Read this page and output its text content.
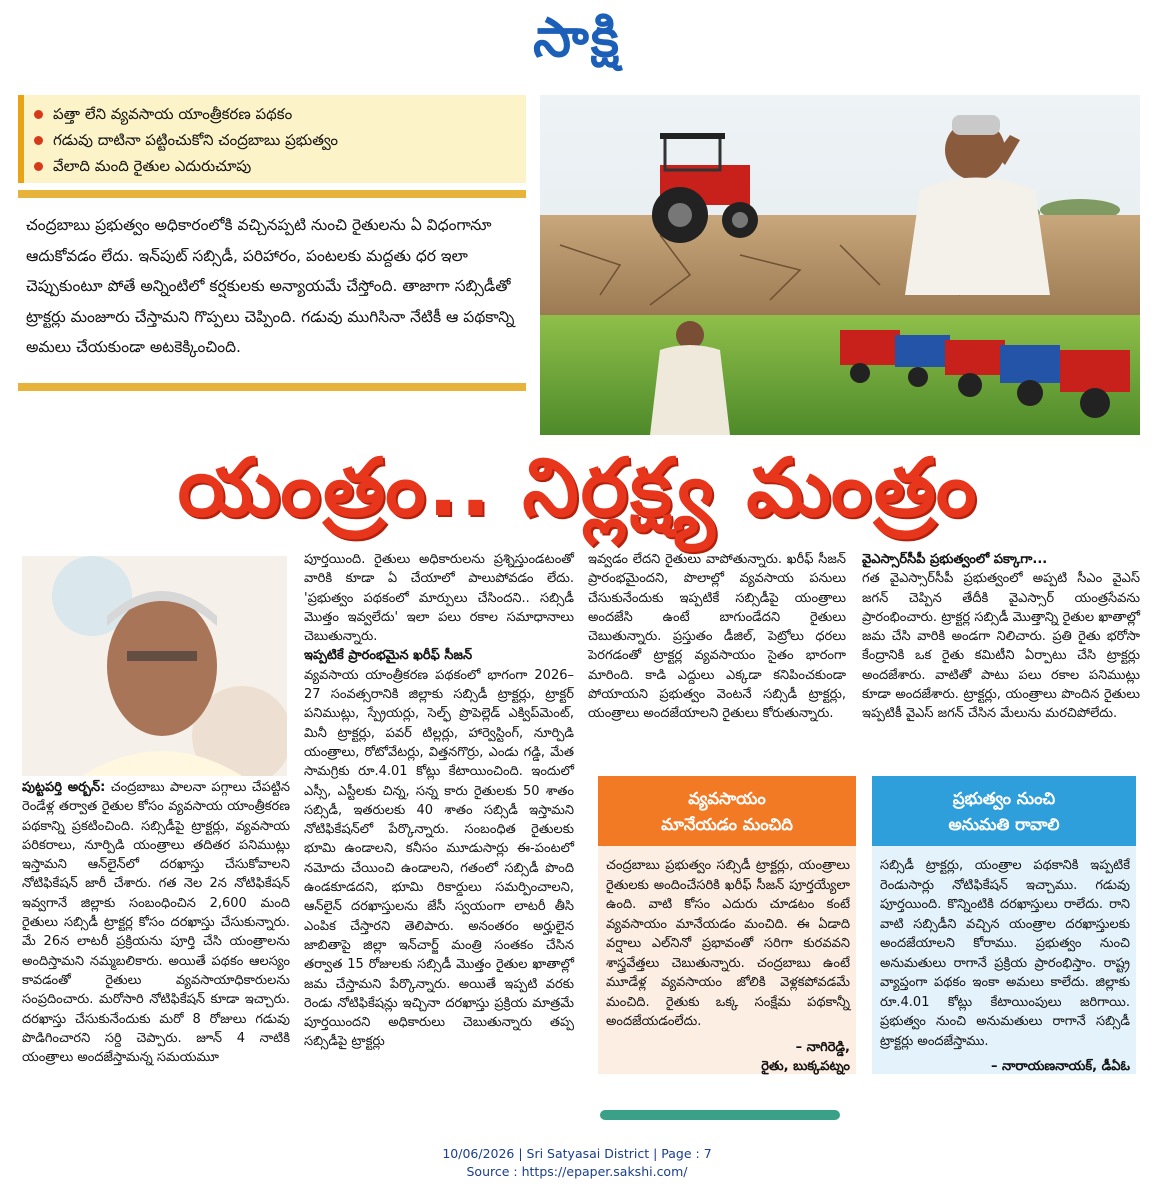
సాక్షి
పత్తా లేని వ్యవసాయ యాంత్రీకరణ పథకం
గడువు దాటినా పట్టించుకోని చంద్రబాబు ప్రభుత్వం
వేలాది మంది రైతుల ఎదురుచూపు
చంద్రబాబు ప్రభుత్వం అధికారంలోకి వచ్చినప్పటి నుంచి రైతులను ఏ విధంగానూ ఆదుకోవడం లేదు. ఇన్‌పుట్ సబ్సిడీ, పరిహారం, పంటలకు మద్దతు ధర ఇలా చెప్పుకుంటూ పోతే అన్నింటిలో కర్షకులకు అన్యాయమే చేస్తోంది. తాజాగా సబ్సిడీతో ట్రాక్టర్లు మంజూరు చేస్తామని గొప్పలు చెప్పింది. గడువు ముగిసినా నేటికీ ఆ పథకాన్ని అమలు చేయకుండా అటకెక్కించింది.
యంత్రం.. నిర్లక్ష్య మంత్రం
పుట్టపర్తి అర్బన్: చంద్రబాబు పాలనా పగ్గాలు చేపట్టిన రెండేళ్ల తర్వాత రైతుల కోసం వ్యవసాయ యాంత్రీకరణ పథకాన్ని ప్రకటించింది. సబ్సిడీపై ట్రాక్టర్లు, వ్యవసాయ పరికరాలు, నూర్పిడి యంత్రాలు తదితర పనిముట్లు ఇస్తామని ఆన్‌లైన్‌లో దరఖాస్తు చేసుకోవాలని నోటిఫికేషన్ జారీ చేశారు. గత నెల 2న నోటిఫికేషన్ ఇవ్వగానే జిల్లాకు సంబంధించిన 2,600 మంది రైతులు సబ్సిడీ ట్రాక్టర్ల కోసం దరఖాస్తు చేసుకున్నారు. మే 26న లాటరీ ప్రక్రియను పూర్తి చేసి యంత్రాలను అందిస్తామని నమ్మబలికారు. అయితే పథకం ఆలస్యం కావడంతో రైతులు వ్యవసాయాధికారులను సంప్రదించారు. మరోసారి నోటిఫికేషన్ కూడా ఇచ్చారు. దరఖాస్తు చేసుకునేందుకు మరో 8 రోజులు గడువు పొడిగించారని సర్ది చెప్పారు. జూన్ 4 నాటికి యంత్రాలు అందజేస్తామన్న సమయమూ
పూర్తయింది. రైతులు అధికారులను ప్రశ్నిస్తుండటంతో వారికి కూడా ఏ చేయాలో పాలుపోవడం లేదు. 'ప్రభుత్వం పథకంలో మార్పులు చేసిందని.. సబ్సిడీ మొత్తం ఇవ్వలేదు' ఇలా పలు రకాల సమాధానాలు చెబుతున్నారు.
ఇప్పటికే ప్రారంభమైన ఖరీఫ్ సీజన్
వ్యవసాయ యాంత్రీకరణ పథకంలో భాగంగా 2026–27 సంవత్సరానికి జిల్లాకు సబ్సిడీ ట్రాక్టర్లు, ట్రాక్టర్ పనిముట్లు, స్ప్రేయర్లు, సెల్ఫ్ ప్రొపెల్లెడ్ ఎక్విప్‌మెంట్, మినీ ట్రాక్టర్లు, పవర్ టిల్లర్లు, హార్వెస్టింగ్, నూర్పిడి యంత్రాలు, రోటోవేటర్లు, విత్తనగొర్రు, ఎండు గడ్డి, మేత సామగ్రికు రూ.4.01 కోట్లు కేటాయించింది. ఇందులో ఎస్సీ, ఎస్టీలకు చిన్న, సన్న కారు రైతులకు 50 శాతం సబ్సిడీ, ఇతరులకు 40 శాతం సబ్సిడీ ఇస్తామని నోటిఫికేషన్‌లో పేర్కొన్నారు. సంబంధిత రైతులకు భూమి ఉండాలని, కనీసం మూడుసార్లు ఈ-పంటలో నమోదు చేయించి ఉండాలని, గతంలో సబ్సిడీ పొంది ఉండకూడదని, భూమి రికార్డులు సమర్పించాలని, ఆన్‌లైన్ దరఖాస్తులను జేసీ స్వయంగా లాటరీ తీసి ఎంపిక చేస్తారని తెలిపారు. అనంతరం అర్హులైన జాబితాపై జిల్లా ఇన్‌చార్జ్ మంత్రి సంతకం చేసిన తర్వాత 15 రోజులకు సబ్సిడీ మొత్తం రైతుల ఖాతాల్లో జమ చేస్తామని పేర్కొన్నారు. అయితే ఇప్పటి వరకు రెండు నోటిఫికేషన్లు ఇచ్చినా దరఖాస్తు ప్రక్రియ మాత్రమే పూర్తయిందని అధికారులు చెబుతున్నారు తప్ప సబ్సిడీపై ట్రాక్టర్లు
ఇవ్వడం లేదని రైతులు వాపోతున్నారు. ఖరీఫ్ సీజన్ ప్రారంభమైందని, పొలాల్లో వ్యవసాయ పనులు చేసుకునేందుకు ఇప్పటికే సబ్సిడీపై యంత్రాలు అందజేసి ఉంటే బాగుండేదని రైతులు చెబుతున్నారు. ప్రస్తుతం డీజిల్, పెట్రోలు ధరలు పెరగడంతో ట్రాక్టర్ల వ్యవసాయం సైతం భారంగా మారింది. కాడి ఎద్దులు ఎక్కడా కనిపించకుండా పోయాయని ప్రభుత్వం వెంటనే సబ్సిడీ ట్రాక్టర్లు, యంత్రాలు అందజేయాలని రైతులు కోరుతున్నారు.
వైఎస్సార్‌సీపీ ప్రభుత్వంలో పక్కాగా...
గత వైఎస్సార్‌సీపీ ప్రభుత్వంలో అప్పటి సీఎం వైఎస్ జగన్ చెప్పిన తేదీకి వైఎస్సార్ యంత్రసేవను ప్రారంభించారు. ట్రాక్టర్ల సబ్సిడీ మొత్తాన్ని రైతుల ఖాతాల్లో జమ చేసి వారికి అండగా నిలిచారు. ప్రతి రైతు భరోసా కేంద్రానికి ఒక రైతు కమిటీని ఏర్పాటు చేసి ట్రాక్టర్లు అందజేశారు. వాటితో పాటు పలు రకాల పనిముట్లు కూడా అందజేశారు. ట్రాక్టర్లు, యంత్రాలు పొందిన రైతులు ఇప్పటికీ వైఎస్ జగన్ చేసిన మేలును మరచిపోలేదు.
వ్యవసాయం
మానేయడం మంచిది
చంద్రబాబు ప్రభుత్వం సబ్సిడీ ట్రాక్టర్లు, యంత్రాలు రైతులకు అందించేసరికి ఖరీఫ్ సీజన్ పూర్తయ్యేలా ఉంది. వాటి కోసం ఎదురు చూడటం కంటే వ్యవసాయం మానేయడం మంచిది. ఈ ఏడాది వర్షాలు ఎల్‌నినో ప్రభావంతో సరిగా కురవవని శాస్త్రవేత్తలు చెబుతున్నారు. చంద్రబాబు ఉంటే మూడేళ్ల వ్యవసాయం జోలికి వెళ్లకపోవడమే మంచిది. రైతుకు ఒక్క సంక్షేమ పథకాన్నీ అందజేయడంలేదు.
– నాగిరెడ్డి,
రైతు, బుక్కపట్నం
ప్రభుత్వం నుంచి
అనుమతి రావాలి
సబ్సిడీ ట్రాక్టర్లు, యంత్రాల పథకానికి ఇప్పటికే రెండుసార్లు నోటిఫికేషన్ ఇచ్చాము. గడువు పూర్తయింది. కొన్నింటికి దరఖాస్తులు రాలేదు. రాని వాటి సబ్సిడీని వచ్చిన యంత్రాల దరఖాస్తులకు అందజేయాలని కోరాము. ప్రభుత్వం నుంచి అనుమతులు రాగానే ప్రక్రియ ప్రారంభిస్తాం. రాష్ట్ర వ్యాప్తంగా పథకం ఇంకా అమలు కాలేదు. జిల్లాకు రూ.4.01 కోట్లు కేటాయింపులు జరిగాయి. ప్రభుత్వం నుంచి అనుమతులు రాగానే సబ్సిడీ ట్రాక్టర్లు అందజేస్తాము.
– నారాయణనాయక్, డీఏఓ
10/06/2026 | Sri Satyasai District | Page : 7
Source : https://epaper.sakshi.com/
